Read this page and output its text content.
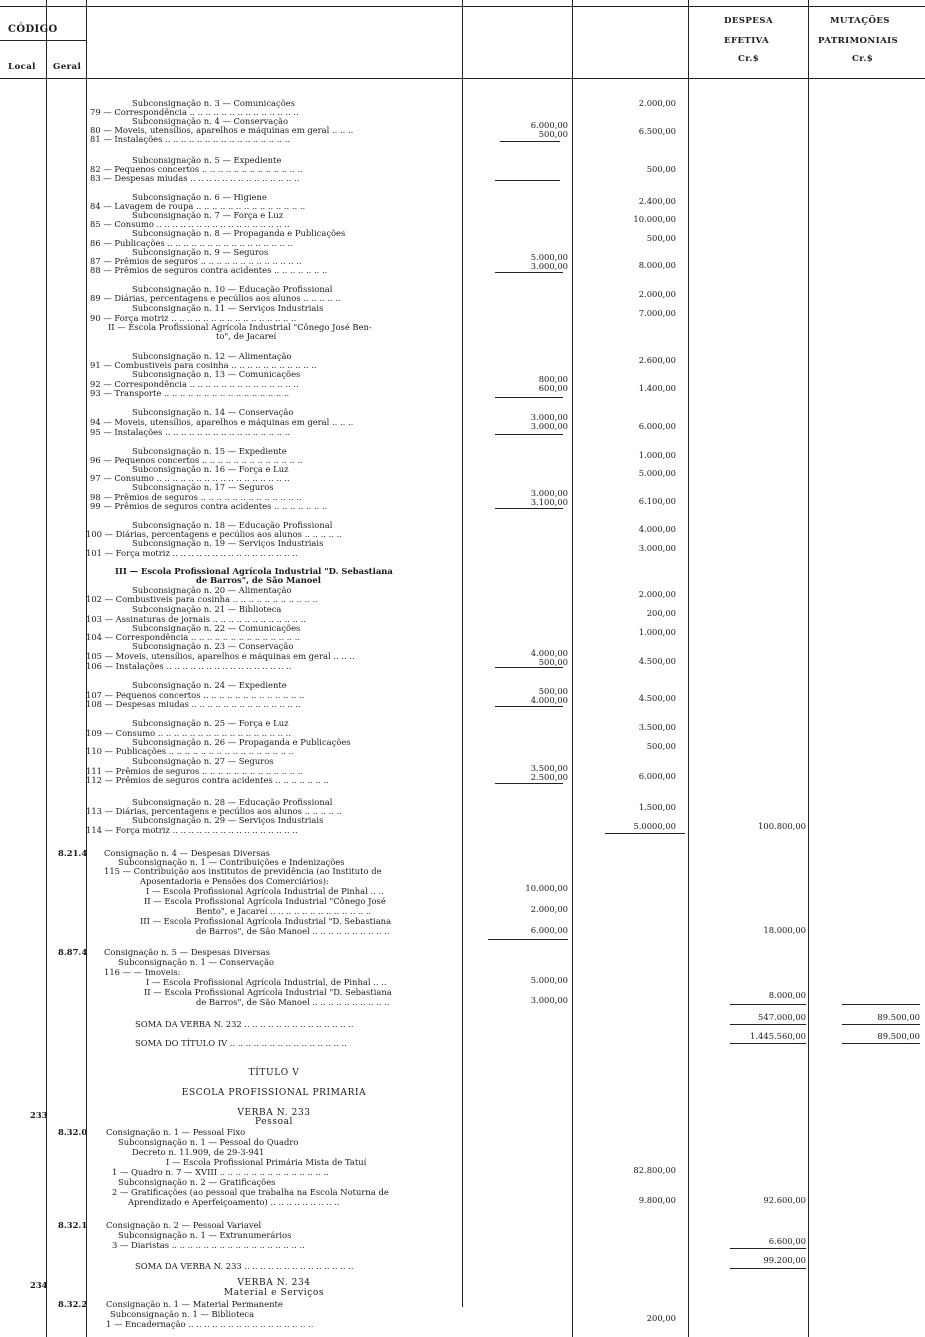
CÓDIGO
Local Geral
DESPESA
EFETIVA
Cr.$
MUTAÇÕES
PATRIMONIAIS
Cr.$
Subconsignação n. 3 — Comunicações
79 — Correspondência .. .. .. .. .. .. .. .. .. .. .. .. .. ..
Subconsignação n. 4 — Conservação
80 — Moveis, utensílios, aparelhos e máquinas em geral .. .. ..
81 — Instalações .. .. .. .. .. .. .. .. .. .. .. .. .. .. .. ..
Subconsignação n. 5 — Expediente
82 — Pequenos concertos .. .. .. .. .. .. .. .. .. .. .. .. ..
83 — Despesas miudas .. .. .. .. .. .. .. .. .. .. .. .. .. ..
Subconsignação n. 6 — Higiene
84 — Lavagem de roupa .. .. .. .. .. .. .. .. .. .. .. .. .. ..
Subconsignação n. 7 — Força e Luz
85 — Consumo .. .. .. .. .. .. .. .. .. .. .. .. .. .. .. .. ..
Subconsignação n. 8 — Propaganda e Publicações
86 — Publicações .. .. .. .. .. .. .. .. .. .. .. .. .. .. .. ..
Subconsignação n. 9 — Seguros
87 — Prêmios de seguros .. .. .. .. .. .. .. .. .. .. .. .. ..
88 — Prêmios de seguros contra acidentes .. .. .. .. .. .. ..
Subconsignação n. 10 — Educação Profissional
89 — Diárias, percentagens e pecúlios aos alunos .. .. .. .. ..
Subconsignação n. 11 — Serviços Industriais
90 — Força motriz .. .. .. .. .. .. .. .. .. .. .. .. .. .. .. ..
II — Escola Profissional Agrícola Industrial "Cônego José Ben-
to", de Jacareí
Subconsignação n. 12 — Alimentação
91 — Combustiveis para cosinha .. .. .. .. .. .. .. .. .. .. ..
Subconsignação n. 13 — Comunicações
92 — Correspondência .. .. .. .. .. .. .. .. .. .. .. .. .. ..
93 — Transporte .. .. .. .. .. .. .. .. .. .. .. .. .. .. .. ..
Subconsignação n. 14 — Conservação
94 — Moveis, utensílios, aparelhos e máquinas em geral .. .. ..
95 — Instalações .. .. .. .. .. .. .. .. .. .. .. .. .. .. .. ..
Subconsignação n. 15 — Expediente
96 — Pequenos concertos .. .. .. .. .. .. .. .. .. .. .. .. ..
Subconsignação n. 16 — Força e Luz
97 — Consumo .. .. .. .. .. .. .. .. .. .. .. .. .. .. .. .. ..
Subconsignação n. 17 — Seguros
98 — Prêmios de seguros .. .. .. .. .. .. .. .. .. .. .. .. ..
99 — Prêmios de seguros contra acidentes .. .. .. .. .. .. ..
Subconsignação n. 18 — Educação Profissional
100 — Diárias, percentagens e pecúlios aos alunos .. .. .. .. ..
Subconsignação n. 19 — Serviços Industriais
101 — Força motriz .. .. .. .. .. .. .. .. .. .. .. .. .. .. .. ..
III — Escola Profissional Agrícola Industrial "D. Sebastiana
de Barros", de São Manoel
Subconsignação n. 20 — Alimentação
102 — Combustiveis para cosinha .. .. .. .. .. .. .. .. .. .. ..
Subconsignação n. 21 — Biblioteca
103 — Assinaturas de jornais .. .. .. .. .. .. .. .. .. .. .. ..
Subconsignação n. 22 — Comunicações
104 — Correspondência .. .. .. .. .. .. .. .. .. .. .. .. .. ..
Subconsignação n. 23 — Conservação
105 — Moveis, utensílios, aparelhos e máquinas em geral .. .. ..
106 — Instalações .. .. .. .. .. .. .. .. .. .. .. .. .. .. .. ..
Subconsignação n. 24 — Expediente
107 — Pequenos concertos .. .. .. .. .. .. .. .. .. .. .. .. ..
108 — Despesas miudas .. .. .. .. .. .. .. .. .. .. .. .. .. ..
Subconsignação n. 25 — Força e Luz
109 — Consumo .. .. .. .. .. .. .. .. .. .. .. .. .. .. .. .. ..
Subconsignação n. 26 — Propaganda e Publicações
110 — Publicações .. .. .. .. .. .. .. .. .. .. .. .. .. .. .. ..
Subconsignação n. 27 — Seguros
111 — Prêmios de seguros .. .. .. .. .. .. .. .. .. .. .. .. ..
112 — Prêmios de seguros contra acidentes .. .. .. .. .. .. ..
Subconsignação n. 28 — Educação Profissional
113 — Diárias, percentagens e pecúlios aos alunos .. .. .. .. ..
Subconsignação n. 29 — Serviços Industriais
114 — Força motriz .. .. .. .. .. .. .. .. .. .. .. .. .. .. .. ..
Consignação n. 4 — Despesas Diversas
Subconsignação n. 1 — Contribuições e Indenizações
115 — Contribuição aos institutos de previdência (ao Instituto de
Aposentadoria e Pensões dos Comerciários):
I — Escola Profissional Agrícola Industrial de Pinhal .. ..
II — Escola Profissional Agrícola Industrial "Cônego José
Bento", e Jacareí .. .. .. .. .. .. .. .. .. .. .. .. ..
III — Escola Profissional Agrícola Industrial "D. Sebastiana
de Barros", de São Manoel .. .. .. .. .. .. .. .. .. ..
Consignação n. 5 — Despesas Diversas
Subconsignação n. 1 — Conservação
116 — — Imoveis:
I — Escola Profissional Agrícola Industrial, de Pinhal .. ..
II — Escola Profissional Agrícola Industrial "D. Sebastiana
de Barros", de São Manoel .. .. .. .. .. .. .. .. .. ..
SOMA DA VERBA N. 232 .. .. .. .. .. .. .. .. .. .. .. .. .. ..
SOMA DO TÍTULO IV .. .. .. .. .. .. .. .. .. .. .. .. .. .. ..
Consignação n. 1 — Pessoal Fixo
Subconsignação n. 1 — Pessoal do Quadro
Decreto n. 11.909, de 29-3-941
I — Escola Profissional Primária Mista de Tatuí
1 — Quadro n. 7 — XVIII .. .. .. .. .. .. .. .. .. .. .. .. .. ..
Subconsignação n. 2 — Gratificações
2 — Gratificações (ao pessoal que trabalha na Escola Noturna de
Aprendizado e Aperfeiçoamento) .. .. .. .. .. .. .. .. ..
Consignação n. 2 — Pessoal Variavel
Subconsignação n. 1 — Extranumerários
3 — Diaristas .. .. .. .. .. .. .. .. .. .. .. .. .. .. .. .. ..
SOMA DA VERBA N. 233 .. .. .. .. .. .. .. .. .. .. .. .. .. ..
Consignação n. 1 — Material Permanente
Subconsignação n. 1 — Biblioteca
1 — Encadernação .. .. .. .. .. .. .. .. .. .. .. .. .. .. .. ..
TÍTULO V
ESCOLA PROFISSIONAL PRIMARIA
VERBA N. 233
Pessoal
VERBA N. 234
Material e Serviços
6.000,00
500,00
5.000,00
3.000,00
800,00
600,00
3.000,00
3.000,00
3.000,00
3.100,00
4.000,00
500,00
500,00
4.000,00
3.500,00
2.500,00
10.000,00
2.000,00
6.000,00
5.000,00
3.000,00
2.000,00
6.500,00
500,00
2.400,00
10.000,00
500,00
8.000,00
2.000,00
7.000,00
2.600,00
1.400,00
6.000,00
1.000,00
5.000,00
6.100,00
4.000,00
3.000,00
2.000,00
200,00
1.000,00
4.500,00
4.500,00
3.500,00
500,00
6.000,00
1.500,00
5.0000,00
82.800,00
9.800,00
200,00
100.800,00
18.000,00
8.000,00
547.000,00
1.445.560,00
92.600,00
6.600,00
99.200,00
89.500,00
89.500,00
233
234
8.21.4
8.87.4
8.32.0
8.32.1
8.32.2
